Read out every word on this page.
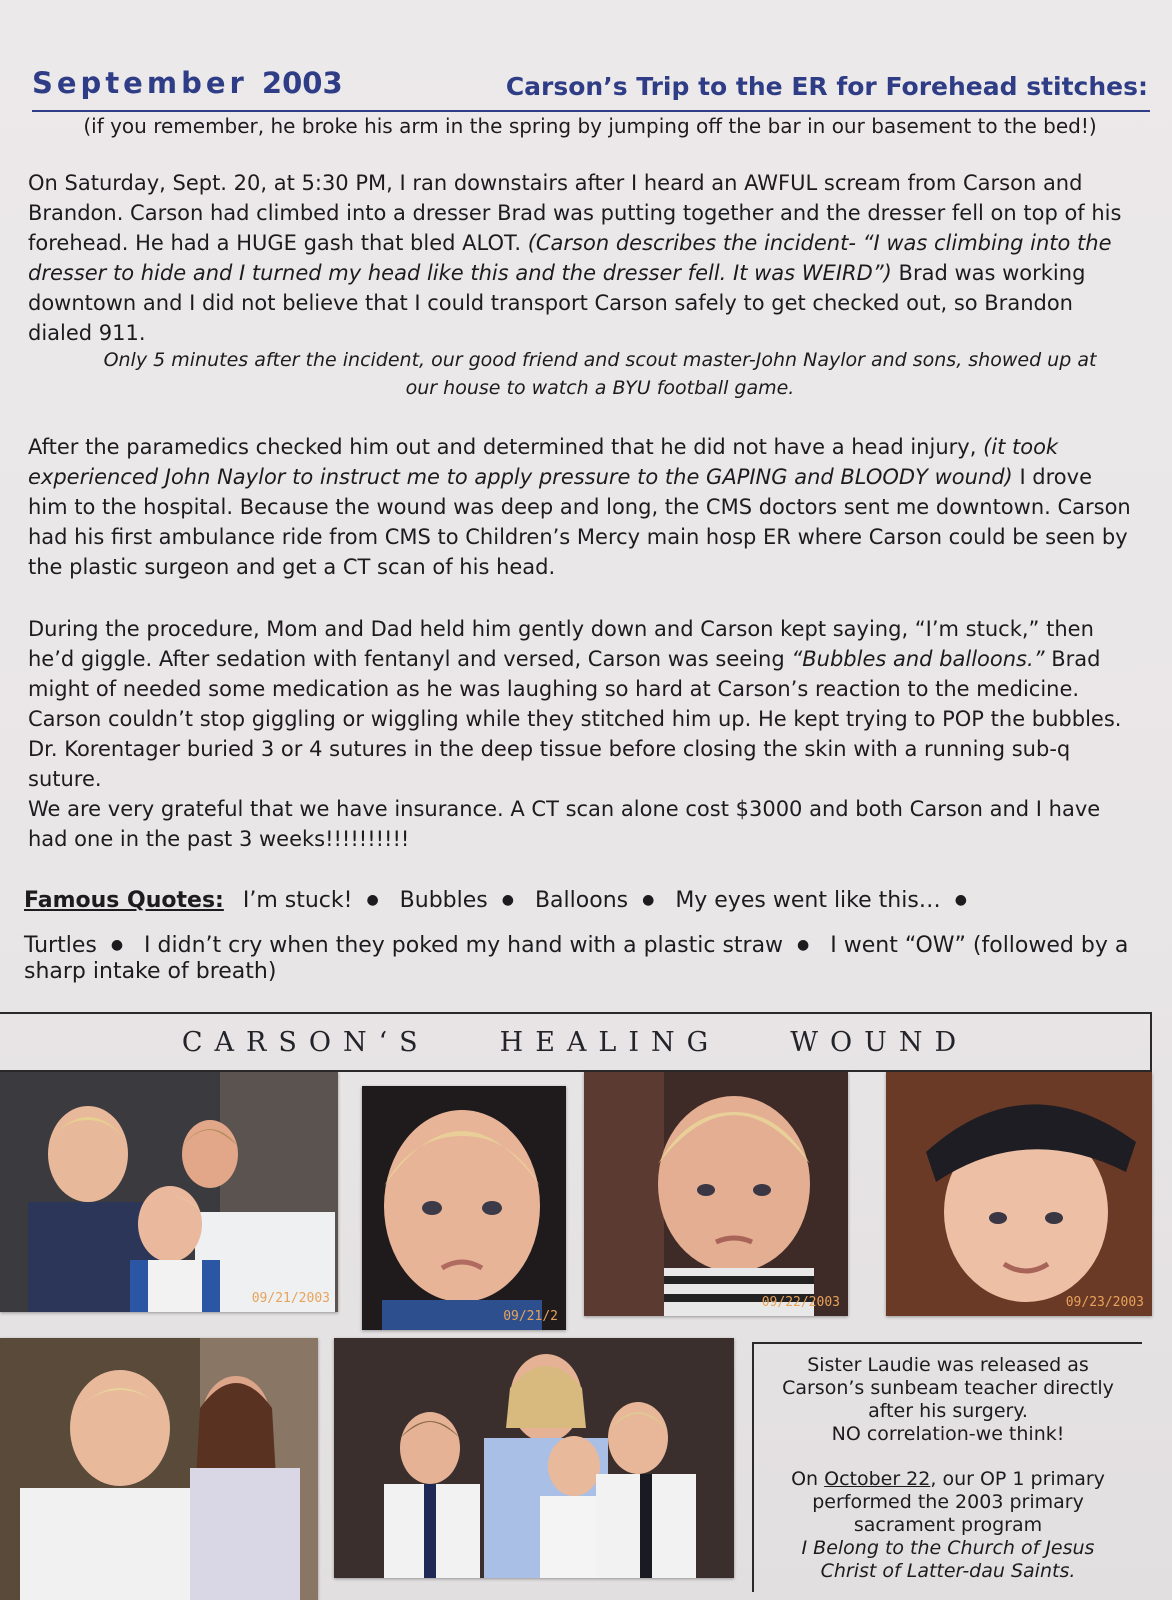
September 2003	Carson’s Trip to the ER for Forehead stitches:
(if you remember, he broke his arm in the spring by jumping off the bar in our basement to the bed!)
On Saturday, Sept. 20, at 5:30 PM, I ran downstairs after I heard an AWFUL scream from Carson and Brandon. Carson had climbed into a dresser Brad was putting together and the dresser fell on top of his forehead. He had a HUGE gash that bled ALOT. (Carson describes the incident- “I was climbing into the dresser to hide and I turned my head like this and the dresser fell. It was WEIRD”) Brad was working downtown and I did not believe that I could transport Carson safely to get checked out, so Brandon dialed 911.
Only 5 minutes after the incident, our good friend and scout master-John Naylor and sons, showed up at our house to watch a BYU football game.
After the paramedics checked him out and determined that he did not have a head injury, (it took experienced John Naylor to instruct me to apply pressure to the GAPING and BLOODY wound) I drove him to the hospital. Because the wound was deep and long, the CMS doctors sent me downtown. Carson had his first ambulance ride from CMS to Children’s Mercy main hosp ER where Carson could be seen by the plastic surgeon and get a CT scan of his head.
During the procedure, Mom and Dad held him gently down and Carson kept saying, “I’m stuck,” then he’d giggle. After sedation with fentanyl and versed, Carson was seeing “Bubbles and balloons.” Brad might of needed some medication as he was laughing so hard at Carson’s reaction to the medicine. Carson couldn’t stop giggling or wiggling while they stitched him up. He kept trying to POP the bubbles. Dr. Korentager buried 3 or 4 sutures in the deep tissue before closing the skin with a running sub-q suture.
We are very grateful that we have insurance. A CT scan alone cost $3000 and both Carson and I have had one in the past 3 weeks!!!!!!!!!!
Famous Quotes: I’m stuck! ● Bubbles ● Balloons ● My eyes went like this… ●
Turtles ● I didn’t cry when they poked my hand with a plastic straw ● I went “OW” (followed by a sharp intake of breath)
CARSON‘S	HEALING	WOUND
09/21/2003
09/21/2
09/22/2003	09/23/2003

Sister Laudie was released as

Carson’s sunbeam teacher directly

after his surgery.

NO correlation-we think!

On October 22, our OP 1 primary

performed the 2003 primary

sacrament program

I Belong to the Church of Jesus

Christ of Latter-dau Saints.
